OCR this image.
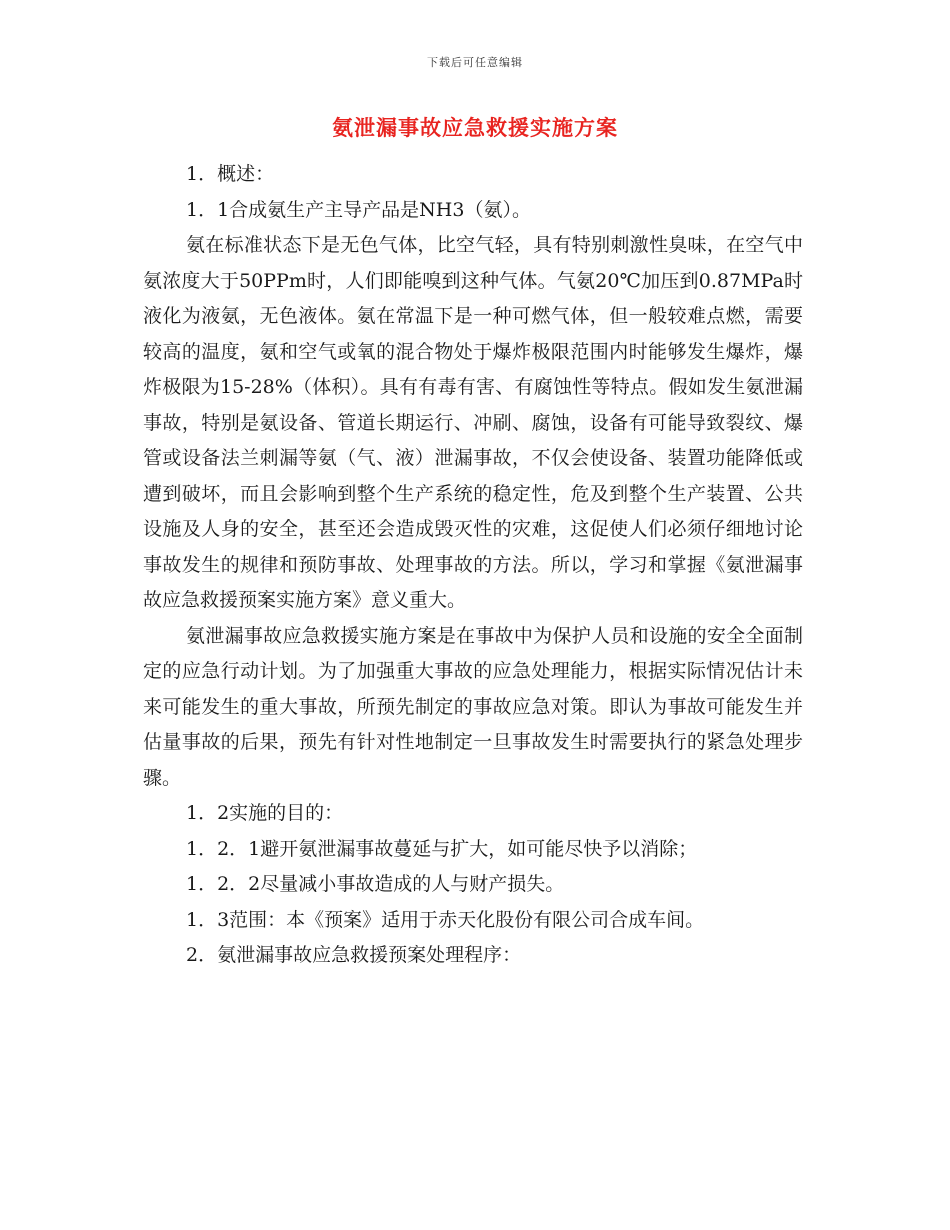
下载后可任意编辑
氨泄漏事故应急救援实施方案

1．概述：

1．1合成氨生产主导产品是NH3（氨）。

氨在标准状态下是无色气体，比空气轻，具有特别刺激性臭味，在空气中氨浓度大于50PPm时，人们即能嗅到这种气体。气氨20℃加压到0.87MPa时液化为液氨，无色液体。氨在常温下是一种可燃气体，但一般较难点燃，需要较高的温度，氨和空气或氧的混合物处于爆炸极限范围内时能够发生爆炸，爆炸极限为15-28%（体积）。具有有毒有害、有腐蚀性等特点。假如发生氨泄漏事故，特别是氨设备、管道长期运行、冲刷、腐蚀，设备有可能导致裂纹、爆管或设备法兰刺漏等氨（气、液）泄漏事故，不仅会使设备、装置功能降低或遭到破坏，而且会影响到整个生产系统的稳定性，危及到整个生产装置、公共设施及人身的安全，甚至还会造成毁灭性的灾难，这促使人们必须仔细地讨论事故发生的规律和预防事故、处理事故的方法。所以，学习和掌握《氨泄漏事故应急救援预案实施方案》意义重大。

氨泄漏事故应急救援实施方案是在事故中为保护人员和设施的安全全面制定的应急行动计划。为了加强重大事故的应急处理能力，根据实际情况估计未来可能发生的重大事故，所预先制定的事故应急对策。即认为事故可能发生并估量事故的后果，预先有针对性地制定一旦事故发生时需要执行的紧急处理步骤。

1．2实施的目的：

1．2．1避开氨泄漏事故蔓延与扩大，如可能尽快予以消除；

1．2．2尽量减小事故造成的人与财产损失。

1．3范围：本《预案》适用于赤天化股份有限公司合成车间。

2．氨泄漏事故应急救援预案处理程序：
